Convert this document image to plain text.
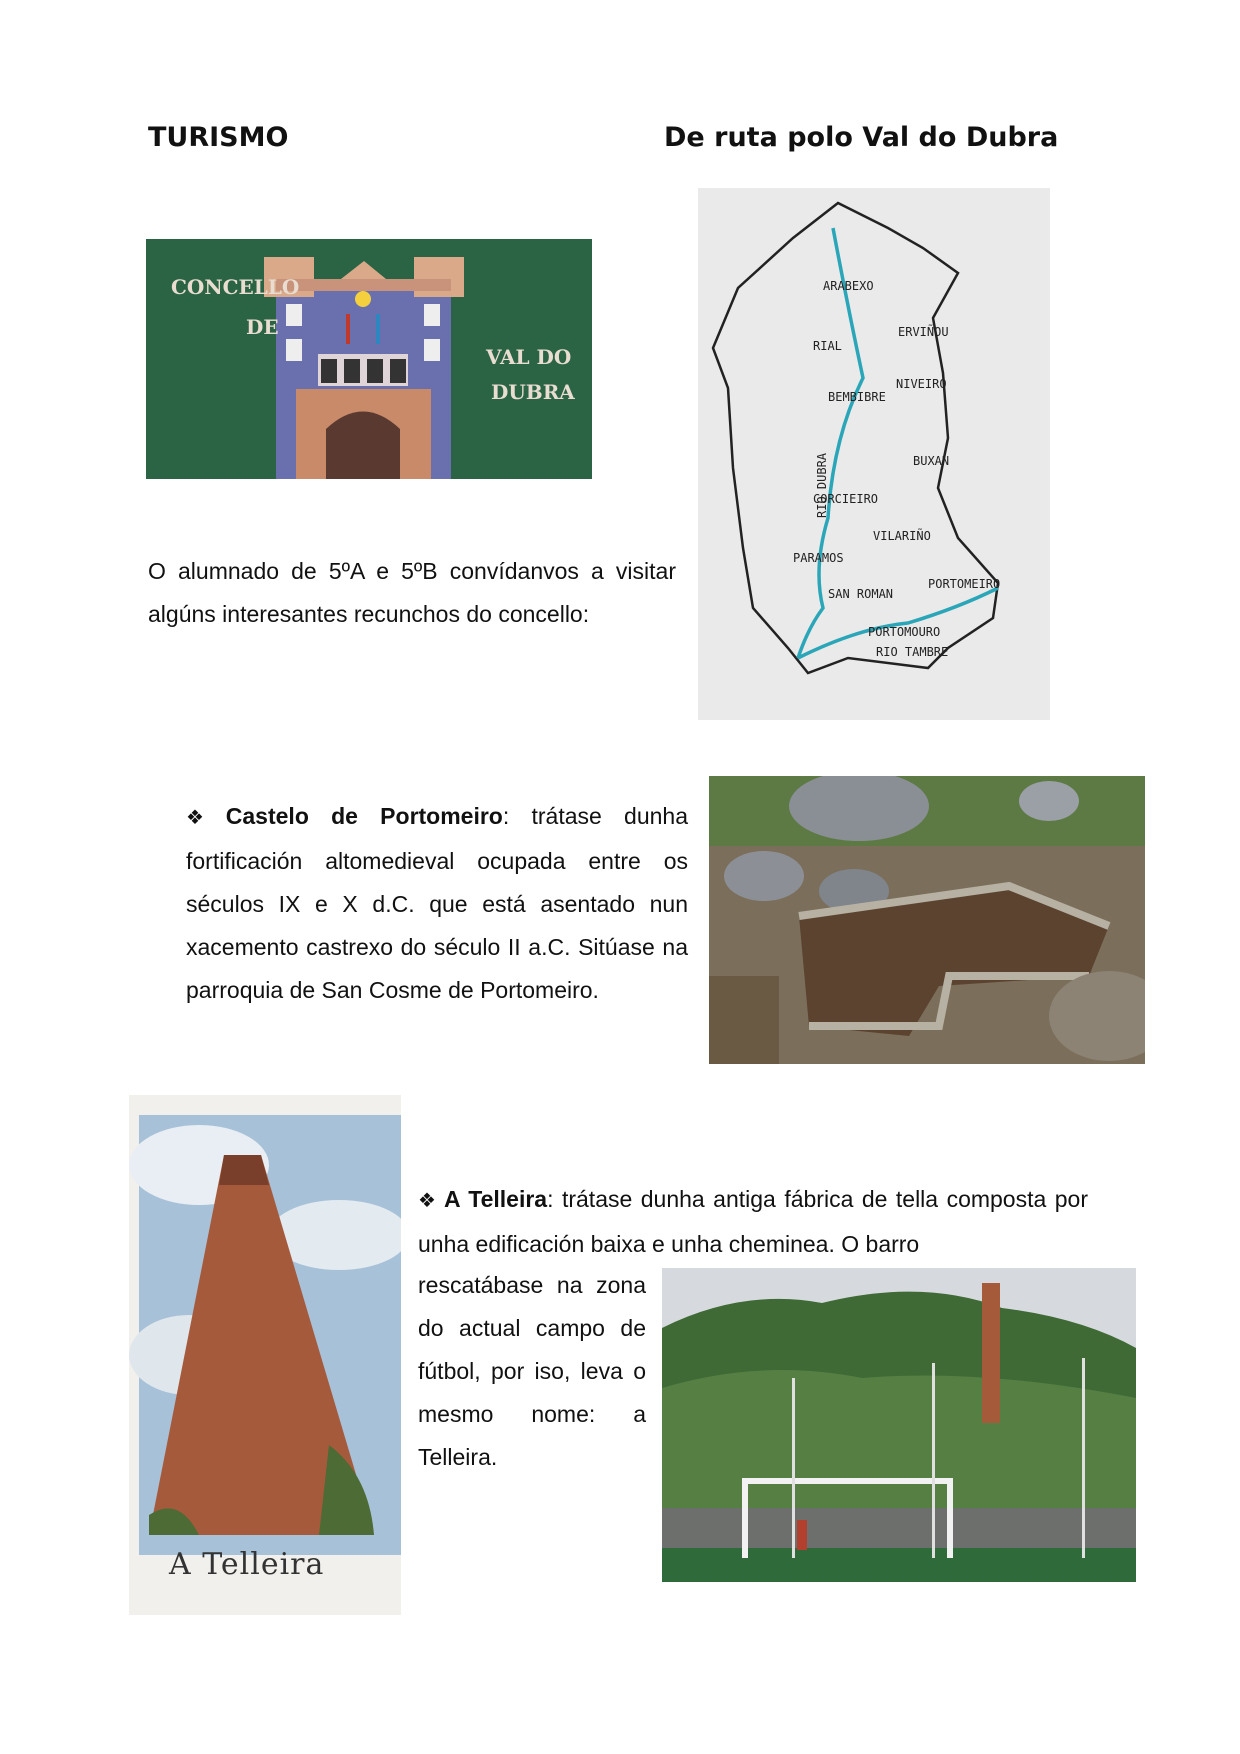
TURISMO	De ruta polo Val do Dubra
CONCELLO
DE
VAL DO
DUBRA
ARABEXO
ERVIÑOU
RIAL
BEMBIBRE
NIVEIRO
BUXAN
CORCIEIRO
VILARIÑO
PARAMOS
PORTOMEIRO
SAN ROMAN
PORTOMOURO
RIO TAMBRE
RIO DUBRA
O alumnado de 5ºA e 5ºB convídanvos a visitar algúns interesantes recunchos do concello:
❖ Castelo de Portomeiro: trátase dunha fortificación altomedieval ocupada entre os séculos IX e X d.C. que está asentado nun xacemento castrexo do século II a.C. Sitúase na parroquia de San Cosme de Portomeiro.
A Telleira
❖ A Telleira: trátase dunha antiga fábrica de tella composta por unha edificación baixa e unha cheminea. O barro
rescatábase na zona do actual campo de fútbol, por iso, leva o mesmo nome: a Telleira.
